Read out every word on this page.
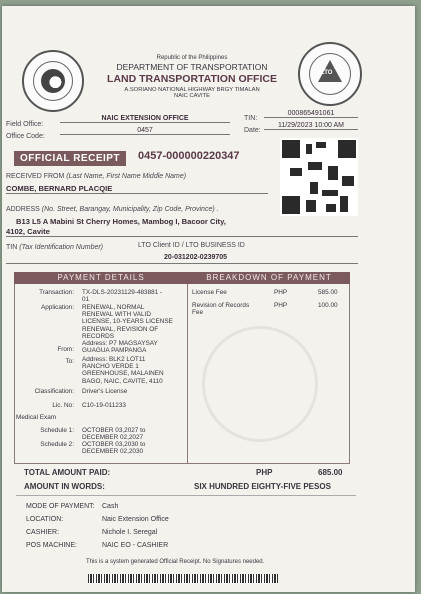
LTO
Republic of the Philippines
DEPARTMENT OF TRANSPORTATION
LAND TRANSPORTATION OFFICE
A.SORIANO NATIONAL HIGHWAY BRGY TIMALAN
NAIC CAVITE
Field Office:
NAIC EXTENSION OFFICE
Office Code:
0457
TIN:
000865491061
Date:
11/29/2023 10:00 AM
OFFICIAL RECEIPT	0457-000000220347
RECEIVED FROM (Last Name, First Name Middle Name)
COMBE, BERNARD PLACQIE
ADDRESS (No. Street, Barangay, Municipality, Zip Code, Province) .
B13 L5 A Mabini St Cherry Homes, Mambog I, Bacoor City,
4102, Cavite
TIN (Tax Identification Number)	LTO Client ID / LTO BUSINESS ID
20-031202-0239705
PAYMENT DETAILS	BREAKDOWN OF PAYMENT
Transaction: TX-DLS-20231129-483881 -
01
Application: RENEWAL, NORMAL
RENEWAL WITH VALID
LICENSE, 10-YEARS LICENSE
RENEWAL, REVISION OF
RECORDS
From:
Address: P7 MAGSAYSAY
GUAGUA PAMPANGA
To: Address: BLK2 LOT11
RANCHO VERDE 1
GREENHOUSE, MALAINEN
BAGO, NAIC, CAVITE, 4110
Classification: Driver's License
Lic. No: C10-19-011233
Medical Exam
Schedule 1: OCTOBER 03,2027 to
DECEMBER 02,2027
Schedule 2: OCTOBER 03,2030 to
DECEMBER 02,2030
License Fee	PHP	585.00
Revision of Records
Fee
PHP	100.00
TOTAL AMOUNT PAID:	PHP	685.00
AMOUNT IN WORDS:	SIX HUNDRED EIGHTY-FIVE PESOS
MODE OF PAYMENT: Cash
LOCATION:	Naic Extension Office
CASHIER:	Nichole I. Seregal
POS MACHINE:	NAIC EO - CASHIER
This is a system generated Official Receipt. No Signatures needed.
